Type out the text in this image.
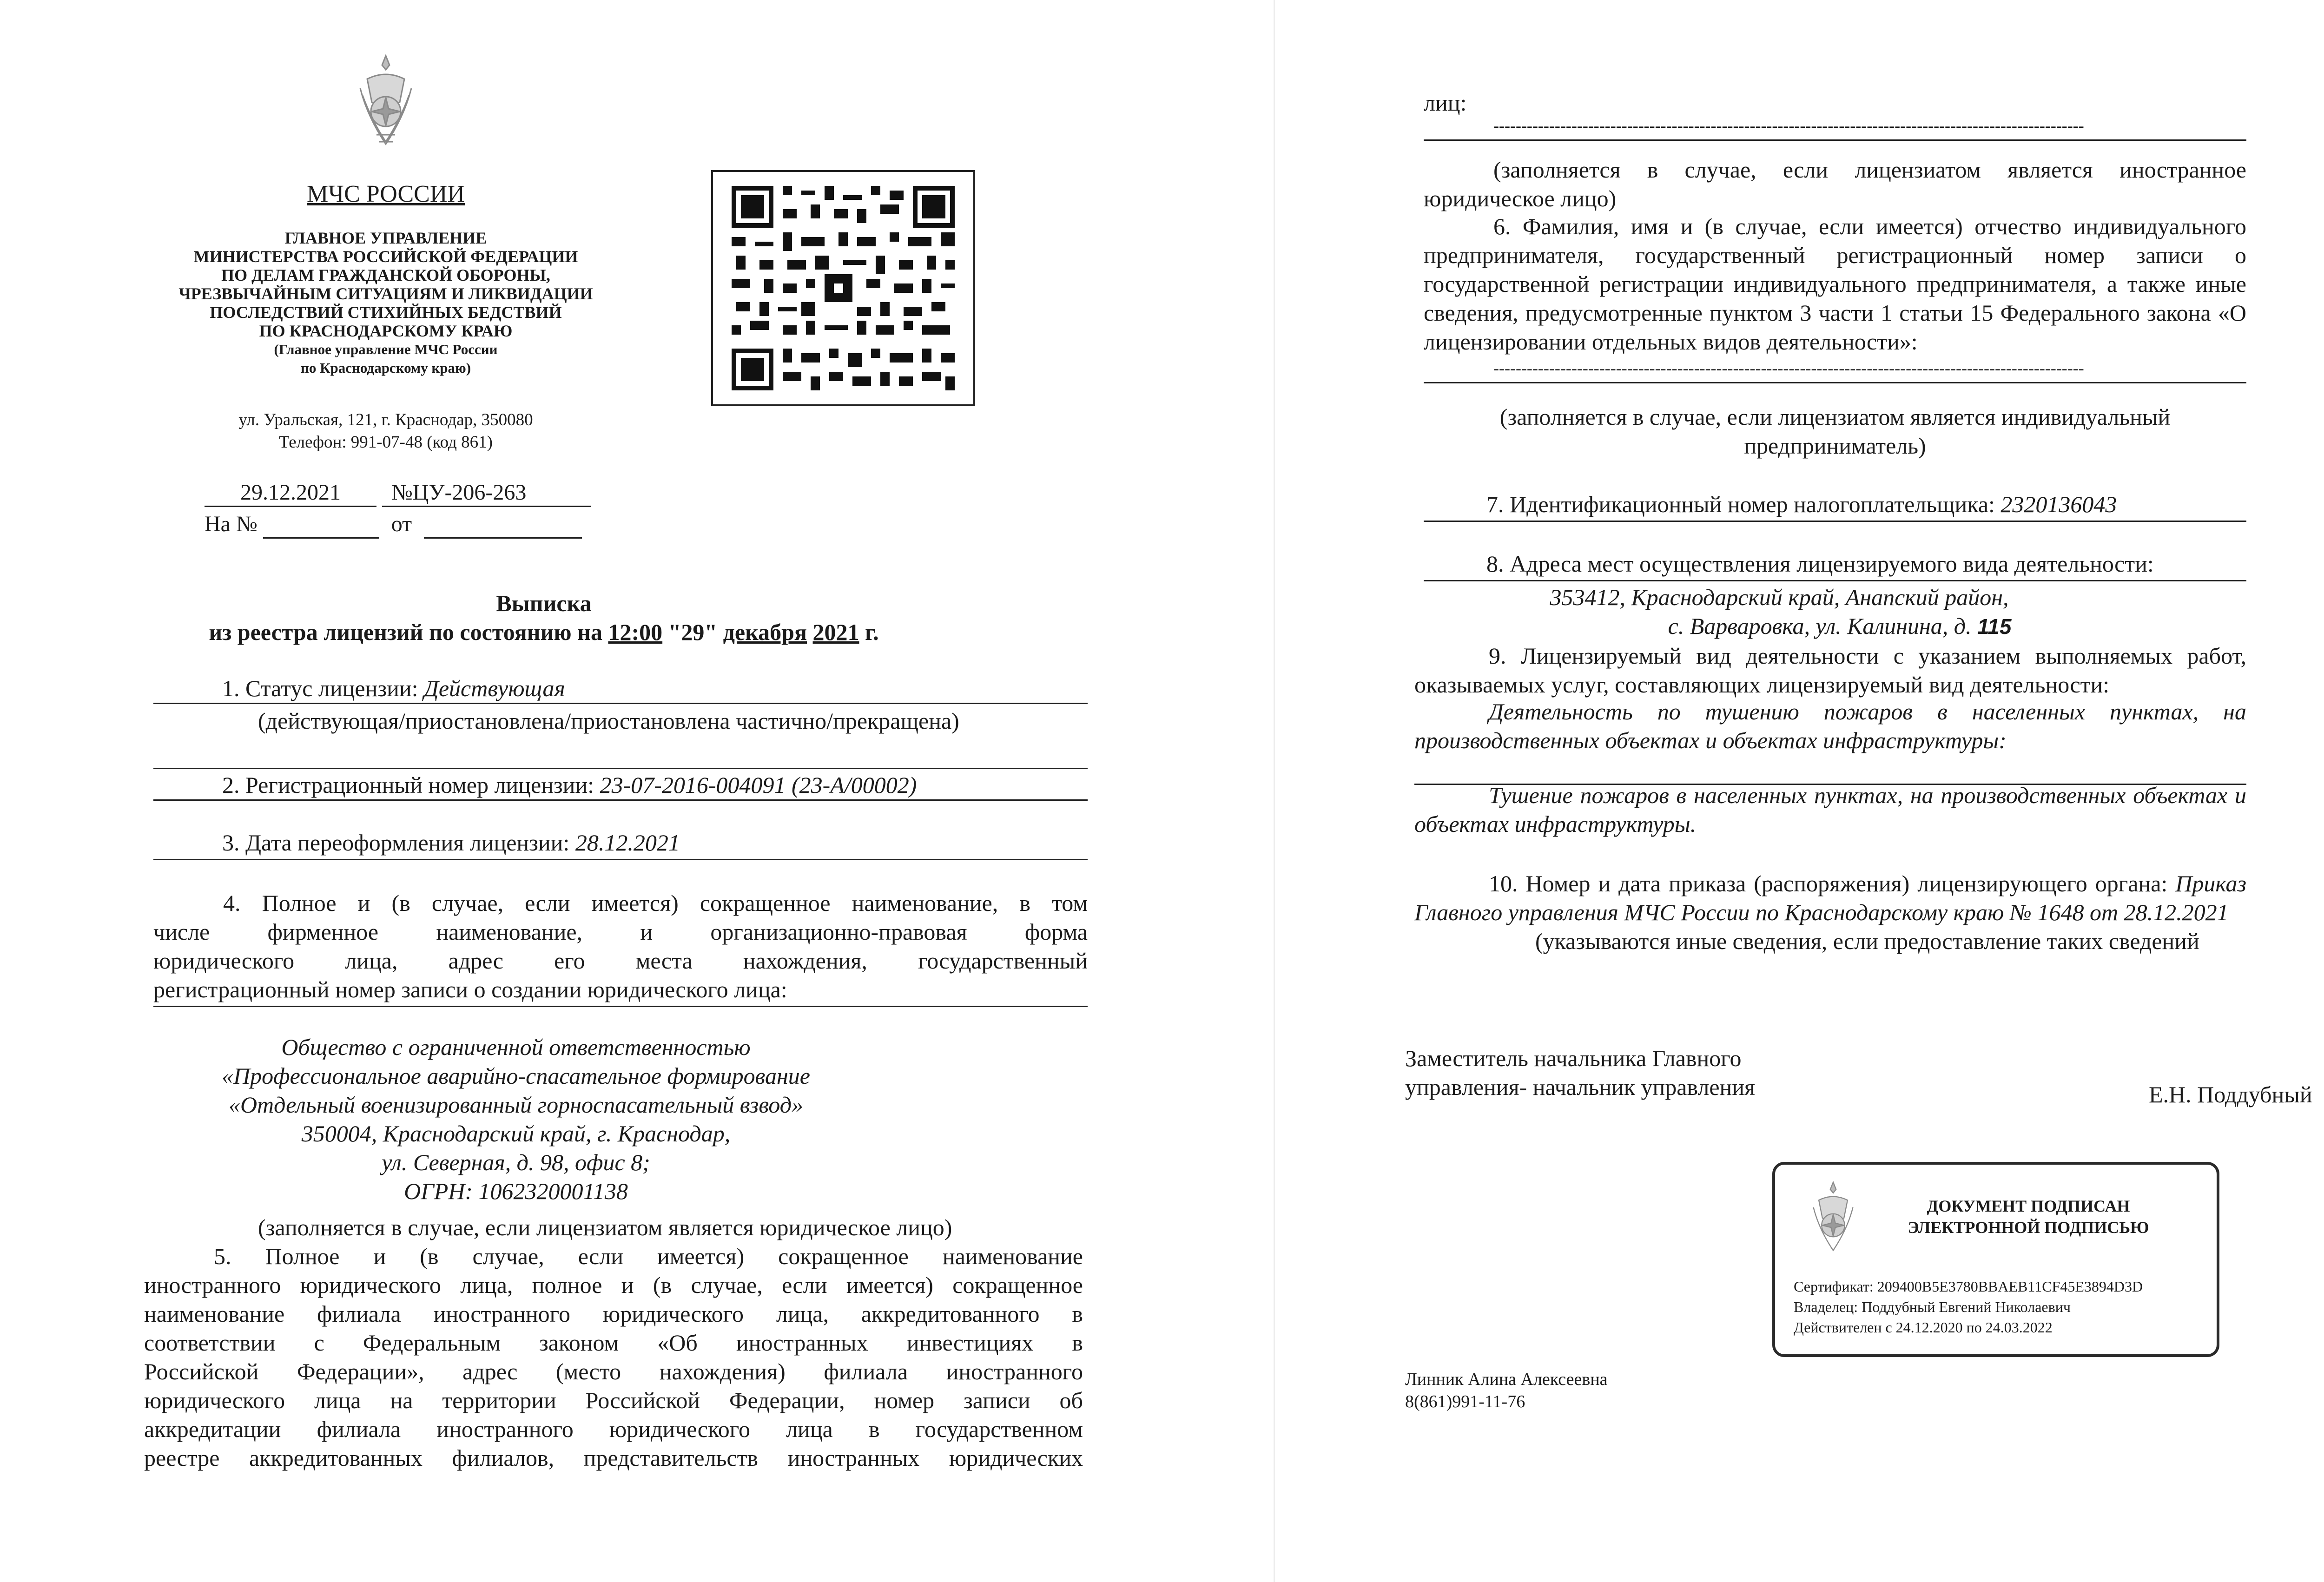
МЧС РОССИИ
ГЛАВНОЕ УПРАВЛЕНИЕ
МИНИСТЕРСТВА РОССИЙСКОЙ ФЕДЕРАЦИИ
ПО ДЕЛАМ ГРАЖДАНСКОЙ ОБОРОНЫ,
ЧРЕЗВЫЧАЙНЫМ СИТУАЦИЯМ И ЛИКВИДАЦИИ
ПОСЛЕДСТВИЙ СТИХИЙНЫХ БЕДСТВИЙ
ПО КРАСНОДАРСКОМУ КРАЮ
(Главное управление МЧС России
по Краснодарскому краю)
ул. Уральская, 121, г. Краснодар, 350080
Телефон: 991-07-48 (код 861)
29.12.2021 №ЦУ-206-263
На №	от
Выписка
из реестра лицензий по состоянию на 12:00 "29" декабря 2021 г.
1. Статус лицензии: Действующая
(действующая/приостановлена/приостановлена частично/прекращена)
2. Регистрационный номер лицензии: 23-07-2016-004091 (23-А/00002)
3. Дата переоформления лицензии: 28.12.2021
4. Полное и (в случае, если имеется) сокращенное наименование, в том
числе фирменное наименование, и организационно-правовая форма
юридического лица, адрес его места нахождения, государственный
регистрационный номер записи о создании юридического лица:
Общество с ограниченной ответственностью
«Профессиональное аварийно-спасательное формирование
«Отдельный военизированный горноспасательный взвод»
350004, Краснодарский край, г. Краснодар,
ул. Северная, д. 98, офис 8;
ОГРН: 1062320001138
(заполняется в случае, если лицензиатом является юридическое лицо)
5. Полное и (в случае, если имеется) сокращенное наименование
иностранного юридического лица, полное и (в случае, если имеется) сокращенное
наименование филиала иностранного юридического лица, аккредитованного в
соответствии с Федеральным законом «Об иностранных инвестициях в
Российской Федерации», адрес (место нахождения) филиала иностранного
юридического лица на территории Российской Федерации, номер записи об
аккредитации филиала иностранного юридического лица в государственном
реестре аккредитованных филиалов, представительств иностранных юридических
лиц:
----------------------------------------------------------------------------------------------------------
(заполняется в случае, если лицензиатом является иностранное
юридическое лицо)
6. Фамилия, имя и (в случае, если имеется) отчество индивидуального
предпринимателя, государственный регистрационный номер записи о
государственной регистрации индивидуального предпринимателя, а также иные
сведения, предусмотренные пунктом 3 части 1 статьи 15 Федерального закона «О
лицензировании отдельных видов деятельности»:
----------------------------------------------------------------------------------------------------------
(заполняется в случае, если лицензиатом является индивидуальный
предприниматель)
7. Идентификационный номер налогоплательщика: 2320136043
8. Адреса мест осуществления лицензируемого вида деятельности:
353412, Краснодарский край, Анапский район,
с. Варваровка, ул. Калинина, д. 115
9. Лицензируемый вид деятельности с указанием выполняемых работ,
оказываемых услуг, составляющих лицензируемый вид деятельности:
Деятельность по тушению пожаров в населенных пунктах, на
производственных объектах и объектах инфраструктуры:
Тушение пожаров в населенных пунктах, на производственных объектах и
объектах инфраструктуры.
10. Номер и дата приказа (распоряжения) лицензирующего органа: Приказ
Главного управления МЧС России по Краснодарскому краю № 1648 от 28.12.2021
(указываются иные сведения, если предоставление таких сведений
Заместитель начальника Главного
управления- начальник управления	Е.Н. Поддубный
ДОКУМЕНТ ПОДПИСАН
ЭЛЕКТРОННОЙ ПОДПИСЬЮ
Сертификат: 209400B5E3780BBAEB11CF45E3894D3D
Владелец: Поддубный Евгений Николаевич
Действителен с 24.12.2020 по 24.03.2022
Линник Алина Алексеевна
8(861)991-11-76
